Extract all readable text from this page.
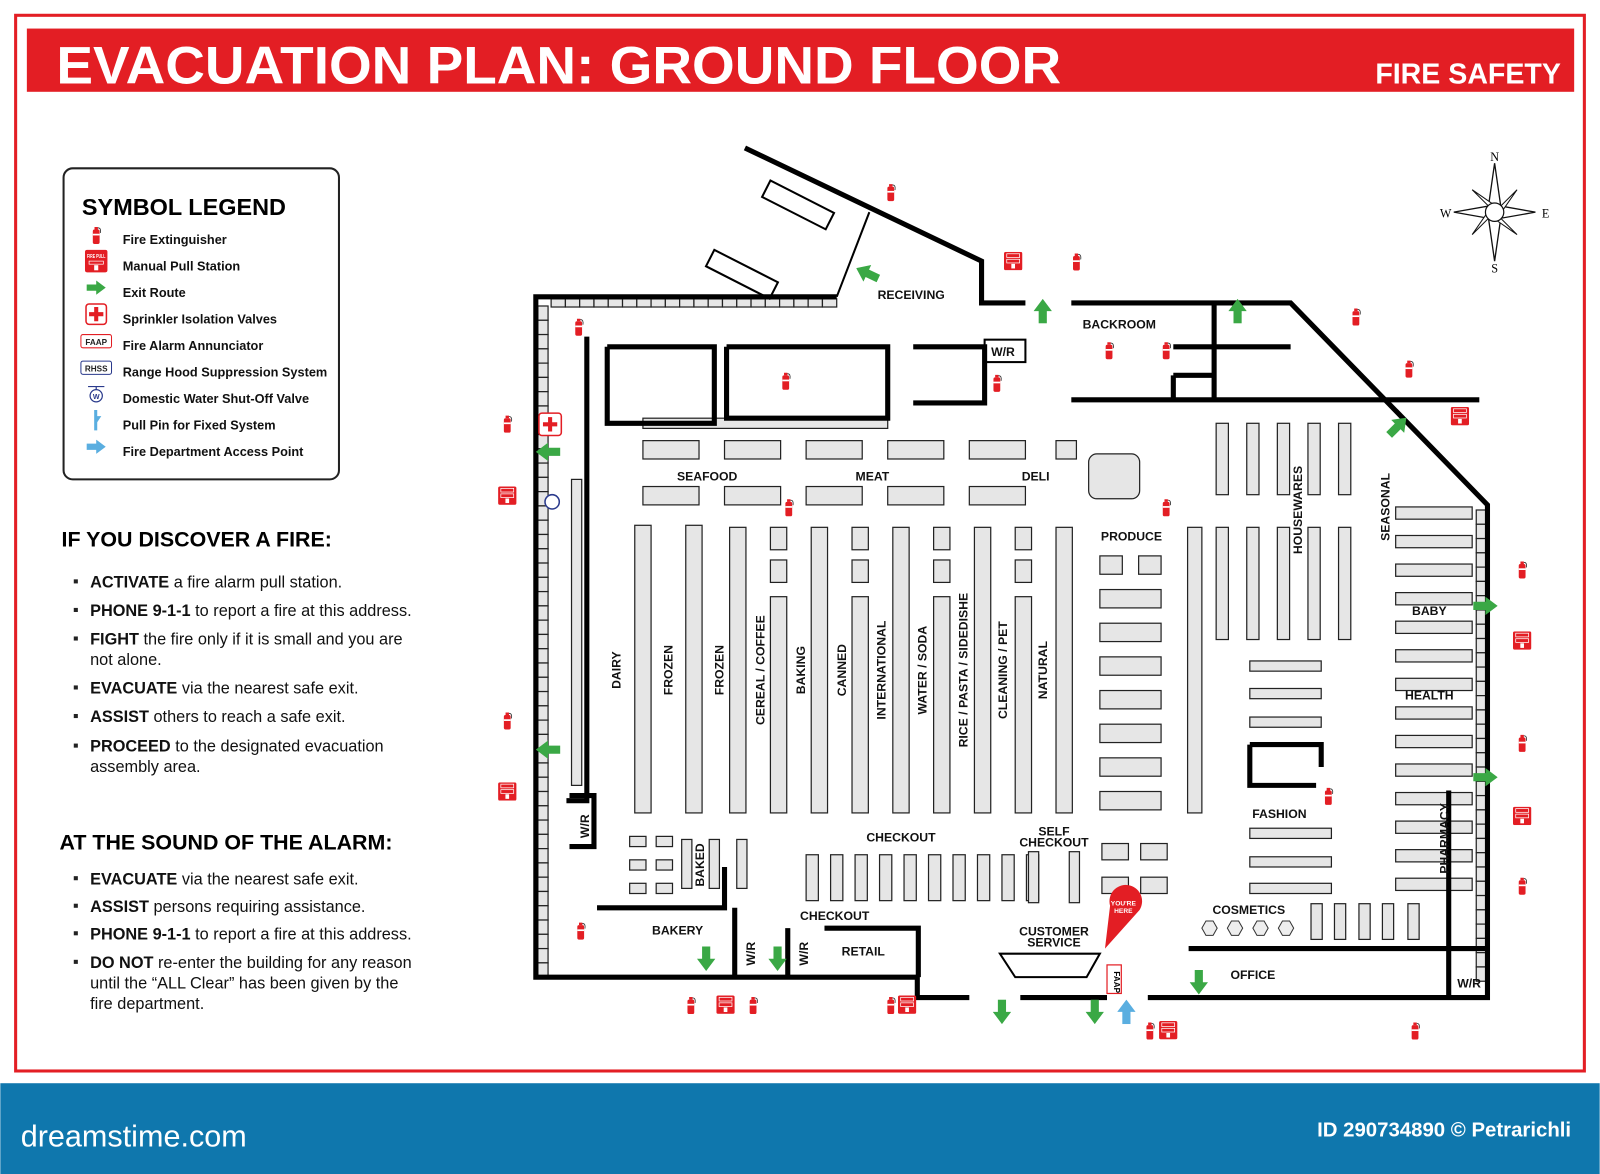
EVACUATION PLAN: GROUND FLOOR	FIRE SAFETY
SYMBOL LEGEND
Fire Extinguisher
FIRE PULL
Manual Pull Station
Exit Route
Sprinkler Isolation Valves
FAAP Fire Alarm Annunciator
RHSS Range Hood Suppression System
W Domestic Water Shut-Off Valve
Pull Pin for Fixed System
Fire Department Access Point
IF YOU DISCOVER A FIRE:
ACTIVATE a fire alarm pull station.
PHONE 9-1-1 to report a fire at this address.
FIGHT the fire only if it is small and you are
not alone.
EVACUATE via the nearest safe exit.
ASSIST others to reach a safe exit.
PROCEED to the designated evacuation
assembly area.
AT THE SOUND OF THE ALARM:
EVACUATE via the nearest safe exit.
ASSIST persons requiring assistance.
PHONE 9-1-1 to report a fire at this address.
DO NOT re-enter the building for any reason
until the “ALL Clear” has been given by the
fire department.
N
S
E
W
RECEIVING
BACKROOM
SEAFOOD	MEAT	DELI
PRODUCE	HOUSEWARES	SEASONAL
BABY
HEALTH
FASHION	PHARMACY
COSMETICS
OFFICE
CUSTOMER
SERVICE
SELF
CHECKOUT
CHECKOUT
CHECKOUT
RETAIL
BAKERY
BAKED
DAIRY
W/R
W/R
W/R	W/R
W/R
FROZEN	FROZEN CEREAL / COFFEE BAKING CANNED INTERNATIONAL WATER / SODA RICE / PASTA / SIDEDISHE CLEANING / PET NATURAL
YOU'RE
HERE
FAAP
dreamstime.com	ID 290734890 © Petrarichli
